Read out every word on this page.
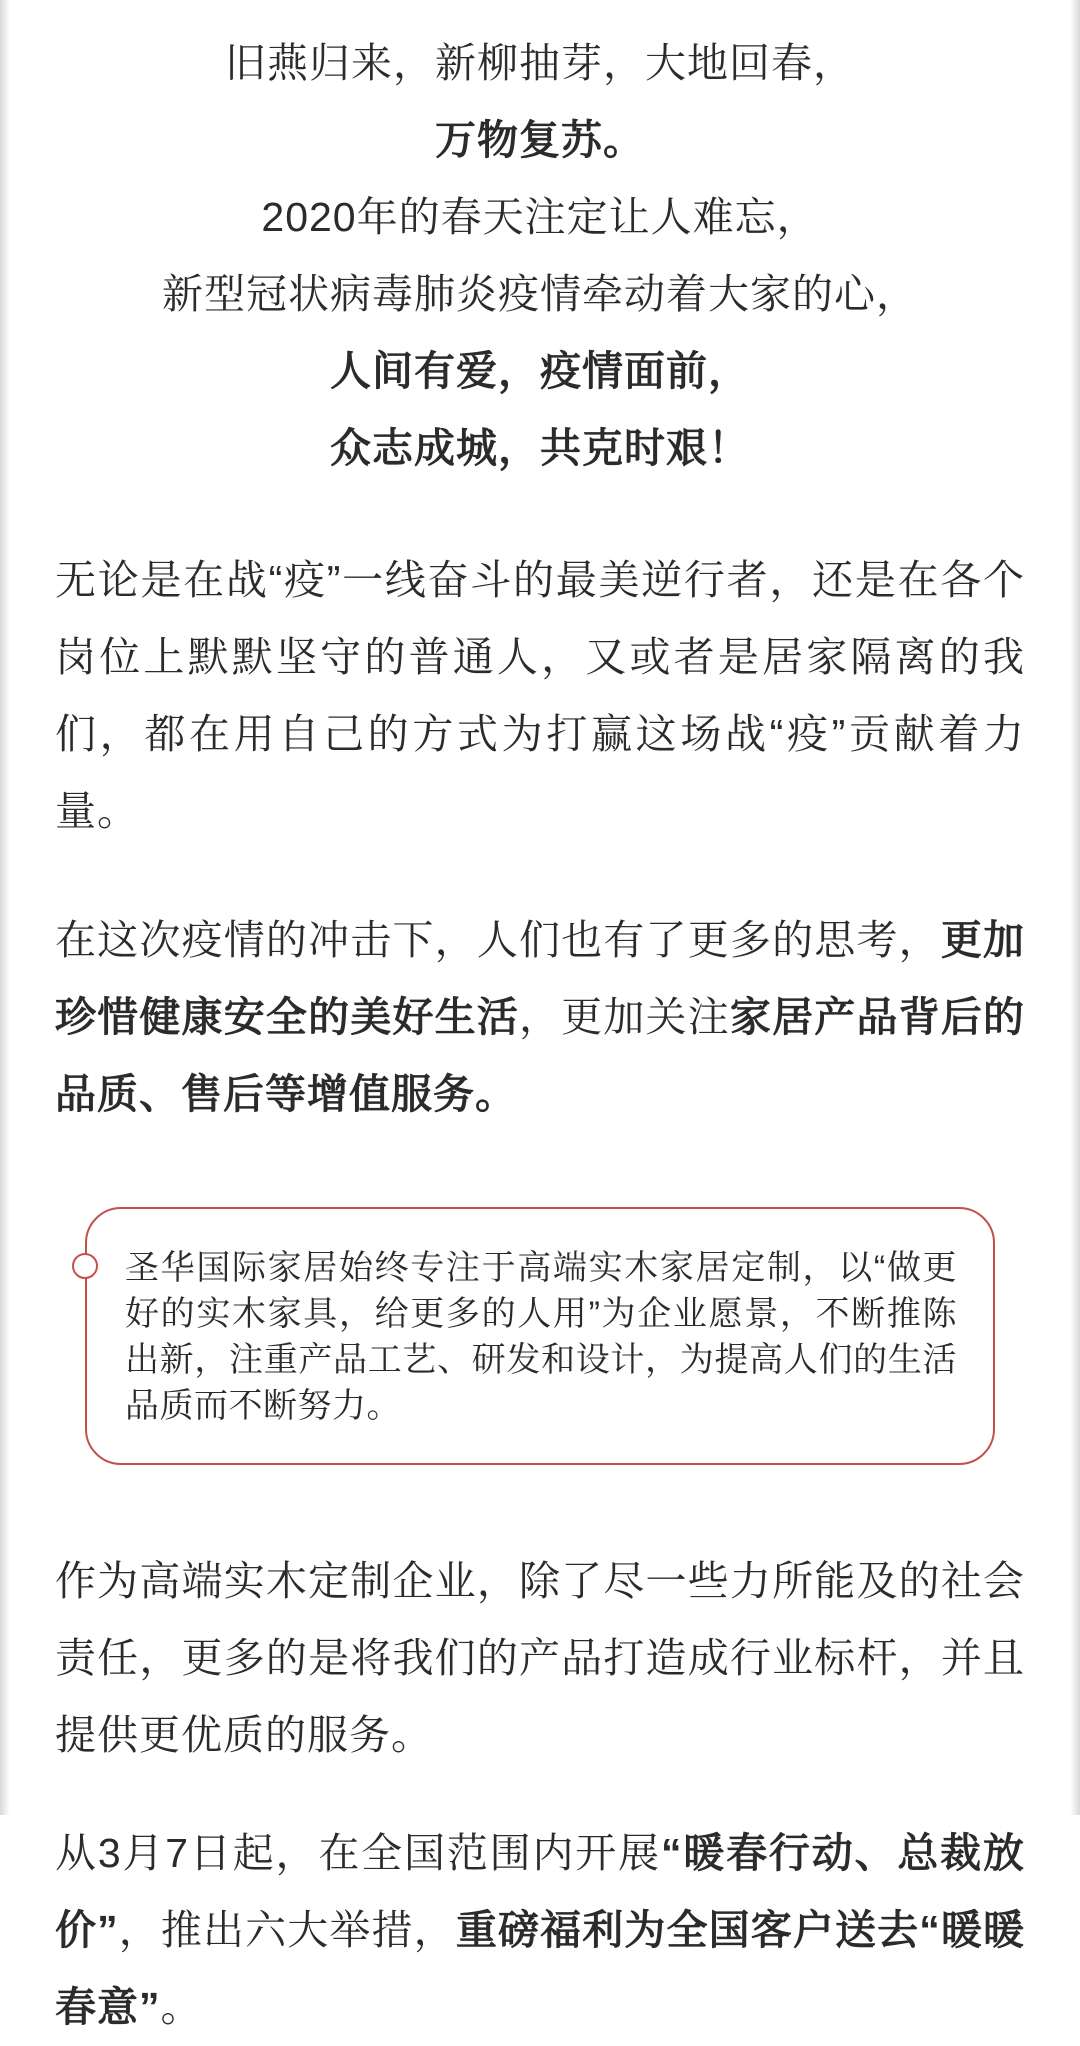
旧燕归来，新柳抽芽，大地回春，
万物复苏。
2020年的春天注定让人难忘，
新型冠状病毒肺炎疫情牵动着大家的心，
人间有爱，疫情面前，
众志成城，共克时艰！

无论是在战“疫”一线奋斗的最美逆行者，还是在各个岗位上默默坚守的普通人，又或者是居家隔离的我们，都在用自己的方式为打赢这场战“疫”贡献着力量。

在这次疫情的冲击下，人们也有了更多的思考，更加珍惜健康安全的美好生活，更加关注家居产品背后的品质、售后等增值服务。

圣华国际家居始终专注于高端实木家居定制，以“做更好的实木家具，给更多的人用”为企业愿景，不断推陈出新，注重产品工艺、研发和设计，为提高人们的生活品质而不断努力。

作为高端实木定制企业，除了尽一些力所能及的社会责任，更多的是将我们的产品打造成行业标杆，并且提供更优质的服务。

从3月7日起，在全国范围内开展“暖春行动、总裁放价”，推出六大举措，重磅福利为全国客户送去“暖暖春意”。
